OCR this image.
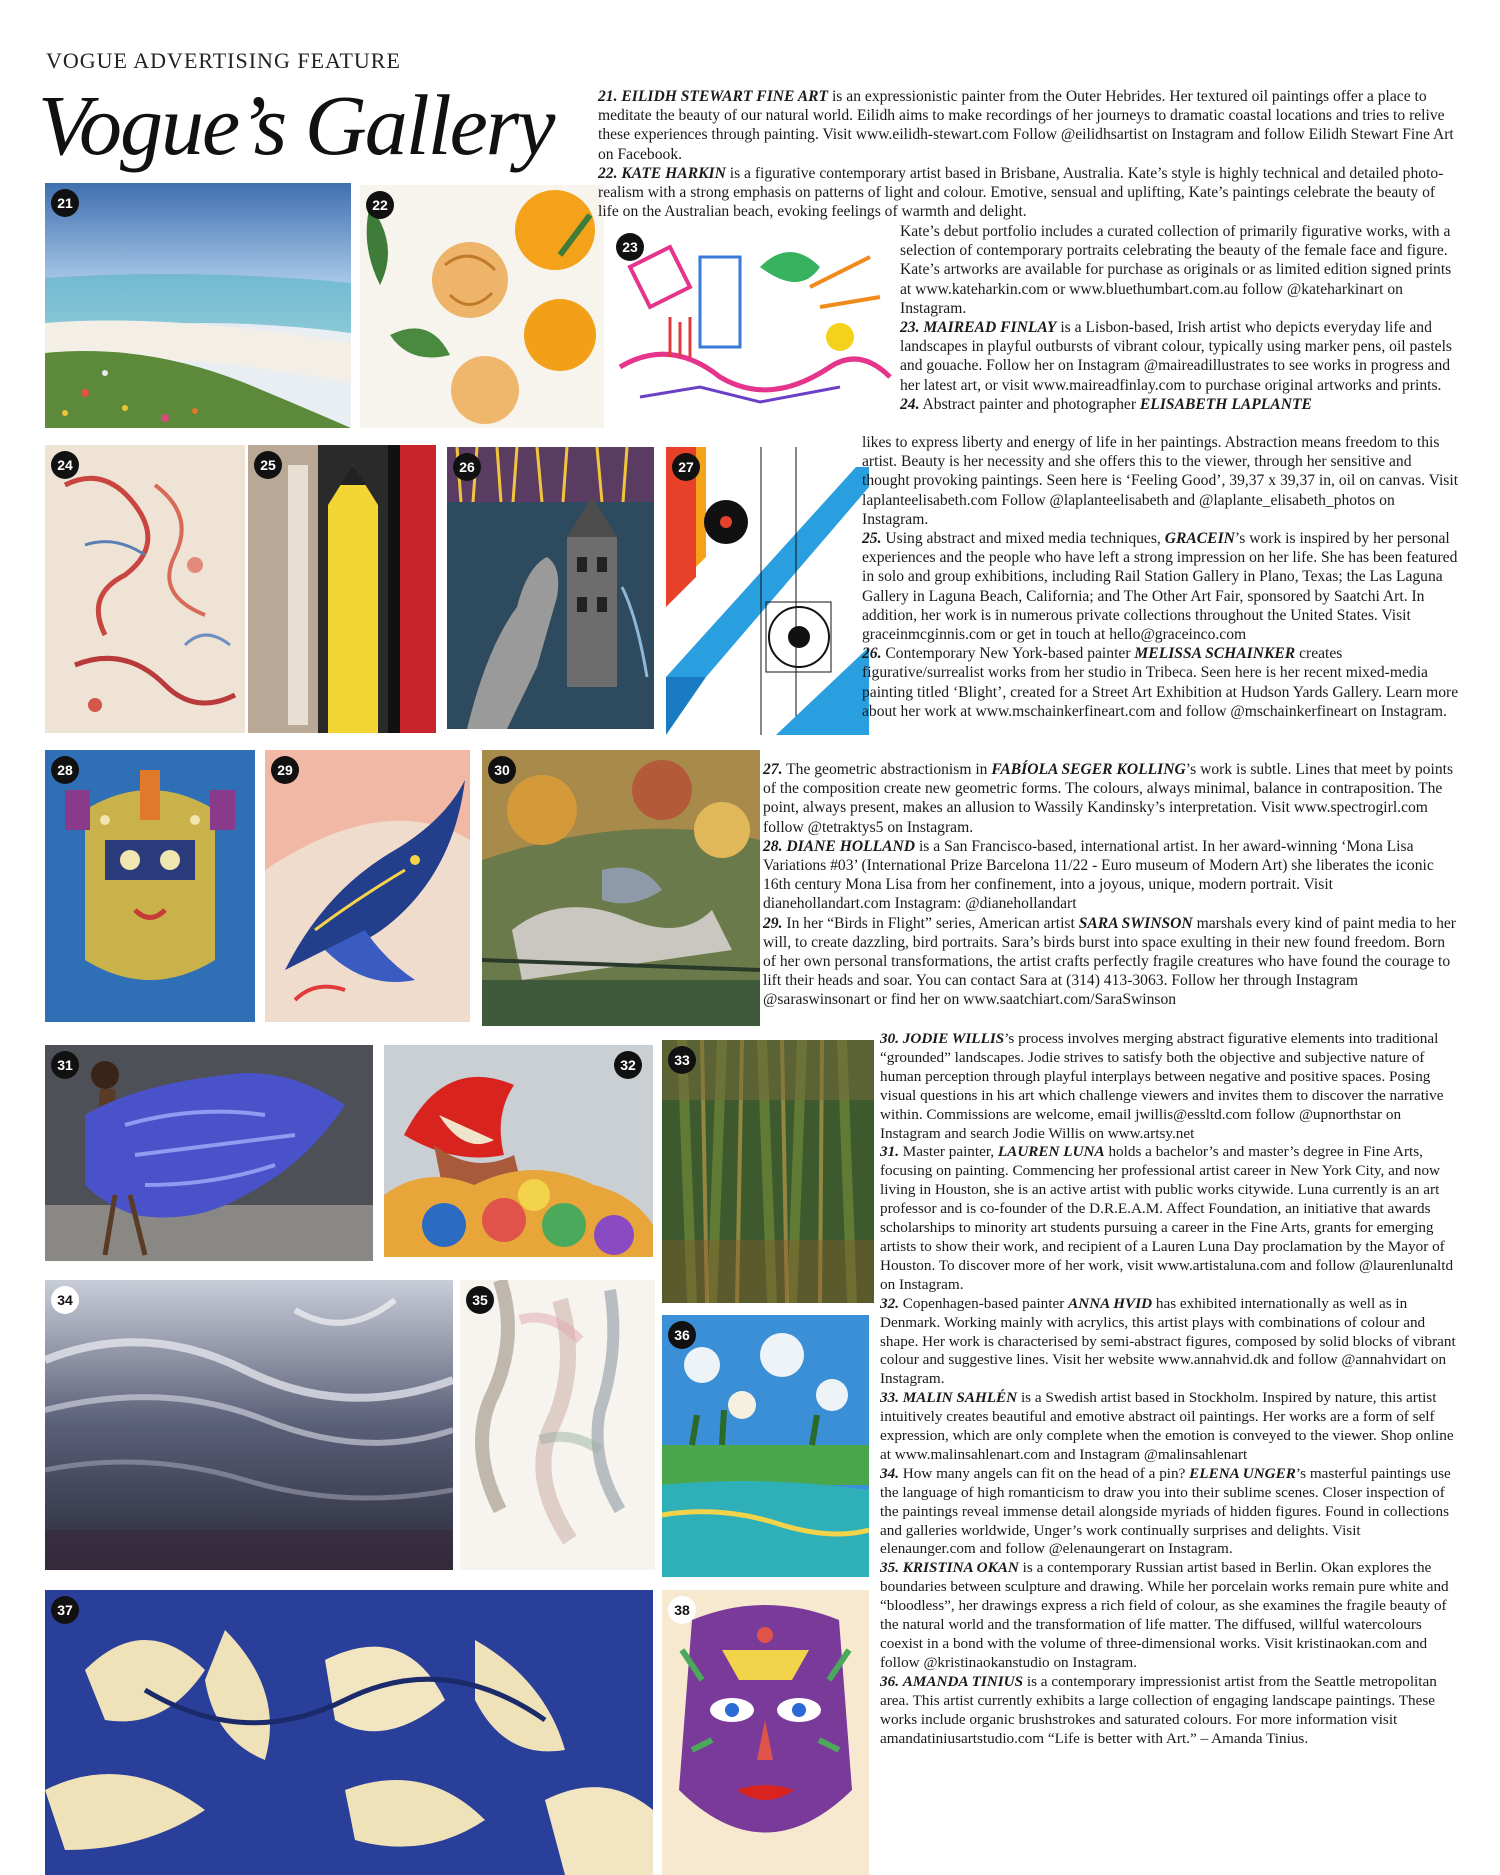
VOGUE ADVERTISING FEATURE
Vogue’s Gallery
21	22
23
24	25	26	27
28	29	30
31	32	33
34	35
36
37	38

21. EILIDH STEWART FINE ART is an expressionistic painter from the Outer Hebrides. Her textured oil paintings offer a place to meditate the beauty of our natural world. Eilidh aims to make recordings of her journeys to dramatic coastal locations and tries to relive these experiences through painting. Visit www.eilidh-stewart.com Follow @eilidhsartist on Instagram and follow Eilidh Stewart Fine Art on Facebook.

22. KATE HARKIN is a figurative contemporary artist based in Brisbane, Australia. Kate’s style is highly technical and detailed photo-realism with a strong emphasis on patterns of light and colour. Emotive, sensual and uplifting, Kate’s paintings celebrate the beauty of life on the Australian beach, evoking feelings of warmth and delight.

Kate’s debut portfolio includes a curated collection of primarily figurative works, with a selection of contemporary portraits celebrating the beauty of the female face and figure. Kate’s artworks are available for purchase as originals or as limited edition signed prints at www.kateharkin.com or www.bluethumbart.com.au follow @kateharkinart on Instagram.

23. MAIREAD FINLAY is a Lisbon-based, Irish artist who depicts everyday life and landscapes in playful outbursts of vibrant colour, typically using marker pens, oil pastels and gouache. Follow her on Instagram @maireadillustrates to see works in progress and her latest art, or visit www.maireadfinlay.com to purchase original artworks and prints.

24. Abstract painter and photographer ELISABETH LAPLANTE

likes to express liberty and energy of life in her paintings. Abstraction means freedom to this artist. Beauty is her necessity and she offers this to the viewer, through her sensitive and thought provoking paintings. Seen here is ‘Feeling Good’, 39,37 x 39,37 in, oil on canvas. Visit laplanteelisabeth.com Follow @laplanteelisabeth and @laplante_elisabeth_photos on Instagram.

25. Using abstract and mixed media techniques, GRACEIN’s work is inspired by her personal experiences and the people who have left a strong impression on her life. She has been featured in solo and group exhibitions, including Rail Station Gallery in Plano, Texas; the Las Laguna Gallery in Laguna Beach, California; and The Other Art Fair, sponsored by Saatchi Art. In addition, her work is in numerous private collections throughout the United States. Visit graceinmcginnis.com or get in touch at hello@graceinco.com

26. Contemporary New York-based painter MELISSA SCHAINKER creates figurative/surrealist works from her studio in Tribeca. Seen here is her recent mixed-media painting titled ‘Blight’, created for a Street Art Exhibition at Hudson Yards Gallery. Learn more about her work at www.mschainkerfineart.com and follow @mschainkerfineart on Instagram.

27. The geometric abstractionism in FABÍOLA SEGER KOLLING’s work is subtle. Lines that meet by points of the composition create new geometric forms. The colours, always minimal, balance in contraposition. The point, always present, makes an allusion to Wassily Kandinsky’s interpretation. Visit www.spectrogirl.com follow @tetraktys5 on Instagram.

28. DIANE HOLLAND is a San Francisco-based, international artist. In her award-winning ‘Mona Lisa Variations #03’ (International Prize Barcelona 11/22 - Euro museum of Modern Art) she liberates the iconic 16th century Mona Lisa from her confinement, into a joyous, unique, modern portrait. Visit dianehollandart.com Instagram: @dianehollandart

29. In her “Birds in Flight” series, American artist SARA SWINSON marshals every kind of paint media to her will, to create dazzling, bird portraits. Sara’s birds burst into space exulting in their new found freedom. Born of her own personal transformations, the artist crafts perfectly fragile creatures who have found the courage to lift their heads and soar. You can contact Sara at (314) 413-3063. Follow her through Instagram @saraswinsonart or find her on www.saatchiart.com/SaraSwinson

30. JODIE WILLIS’s process involves merging abstract figurative elements into traditional “grounded” landscapes. Jodie strives to satisfy both the objective and subjective nature of human perception through playful interplays between negative and positive spaces. Posing visual questions in his art which challenge viewers and invites them to discover the narrative within. Commissions are welcome, email jwillis@essltd.com follow @upnorthstar on Instagram and search Jodie Willis on www.artsy.net

31. Master painter, LAUREN LUNA holds a bachelor’s and master’s degree in Fine Arts, focusing on painting. Commencing her professional artist career in New York City, and now living in Houston, she is an active artist with public works citywide. Luna currently is an art professor and is co-founder of the D.R.E.A.M. Affect Foundation, an initiative that awards scholarships to minority art students pursuing a career in the Fine Arts, grants for emerging artists to show their work, and recipient of a Lauren Luna Day proclamation by the Mayor of Houston. To discover more of her work, visit www.artistaluna.com and follow @laurenlunaltd on Instagram.

32. Copenhagen-based painter ANNA HVID has exhibited internationally as well as in Denmark. Working mainly with acrylics, this artist plays with combinations of colour and shape. Her work is characterised by semi-abstract figures, composed by solid blocks of vibrant colour and suggestive lines. Visit her website www.annahvid.dk and follow @annahvidart on Instagram.

33. MALIN SAHLÉN is a Swedish artist based in Stockholm. Inspired by nature, this artist intuitively creates beautiful and emotive abstract oil paintings. Her works are a form of self expression, which are only complete when the emotion is conveyed to the viewer. Shop online at www.malinsahlenart.com and Instagram @malinsahlenart

34. How many angels can fit on the head of a pin? ELENA UNGER’s masterful paintings use the language of high romanticism to draw you into their sublime scenes. Closer inspection of the paintings reveal immense detail alongside myriads of hidden figures. Found in collections and galleries worldwide, Unger’s work continually surprises and delights. Visit elenaunger.com and follow @elenaungerart on Instagram.

35. KRISTINA OKAN is a contemporary Russian artist based in Berlin. Okan explores the boundaries between sculpture and drawing. While her porcelain works remain pure white and “bloodless”, her drawings express a rich field of colour, as she examines the fragile beauty of the natural world and the transformation of life matter. The diffused, willful watercolours coexist in a bond with the volume of three-dimensional works. Visit kristinaokan.com and follow @kristinaokanstudio on Instagram.

36. AMANDA TINIUS is a contemporary impressionist artist from the Seattle metropolitan area. This artist currently exhibits a large collection of engaging landscape paintings. These works include organic brushstrokes and saturated colours. For more information visit amandatiniusartstudio.com “Life is better with Art.” – Amanda Tinius.
